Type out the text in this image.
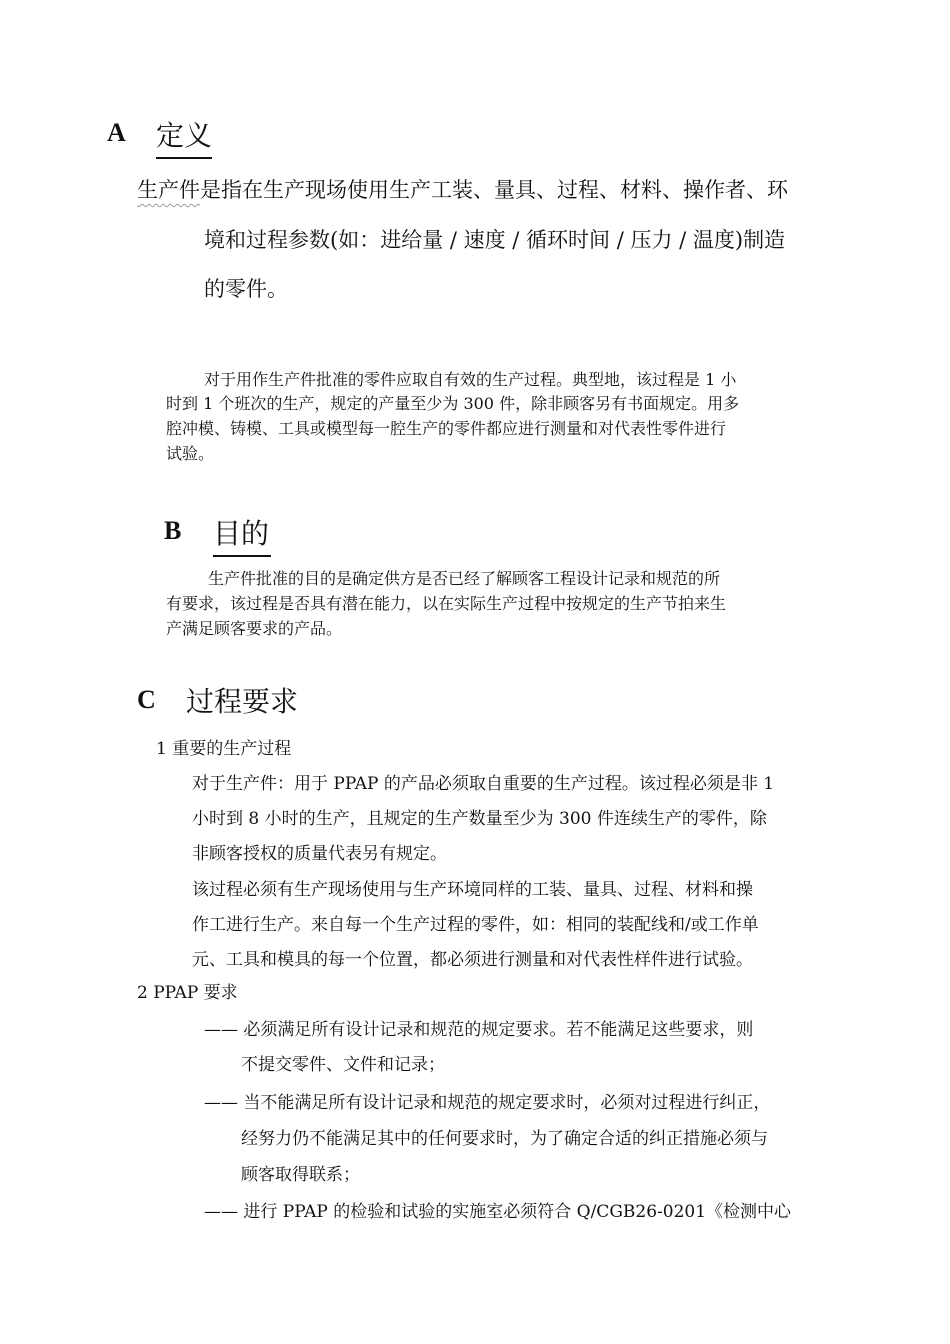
A 定义
生产件是指在生产现场使用生产工装、量具、过程、材料、操作者、环
境和过程参数(如：进给量 / 速度 / 循环时间 / 压力 / 温度)制造
的零件。
对于用作生产件批准的零件应取自有效的生产过程。典型地，该过程是 1 小
时到 1 个班次的生产，规定的产量至少为 300 件，除非顾客另有书面规定。用多
腔冲模、铸模、工具或模型每一腔生产的零件都应进行测量和对代表性零件进行
试验。
B 目的
生产件批准的目的是确定供方是否已经了解顾客工程设计记录和规范的所
有要求，该过程是否具有潜在能力，以在实际生产过程中按规定的生产节拍来生
产满足顾客要求的产品。
C 过程要求
1 重要的生产过程
对于生产件：用于 PPAP 的产品必须取自重要的生产过程。该过程必须是非 1
小时到 8 小时的生产，且规定的生产数量至少为 300 件连续生产的零件，除
非顾客授权的质量代表另有规定。
该过程必须有生产现场使用与生产环境同样的工装、量具、过程、材料和操
作工进行生产。来自每一个生产过程的零件，如：相同的装配线和/或工作单
元、工具和模具的每一个位置，都必须进行测量和对代表性样件进行试验。
2 PPAP 要求
—— 必须满足所有设计记录和规范的规定要求。若不能满足这些要求，则
不提交零件、文件和记录；
—— 当不能满足所有设计记录和规范的规定要求时，必须对过程进行纠正，
经努力仍不能满足其中的任何要求时，为了确定合适的纠正措施必须与
顾客取得联系；
—— 进行 PPAP 的检验和试验的实施室必须符合 Q/CGB26-0201《检测中心
